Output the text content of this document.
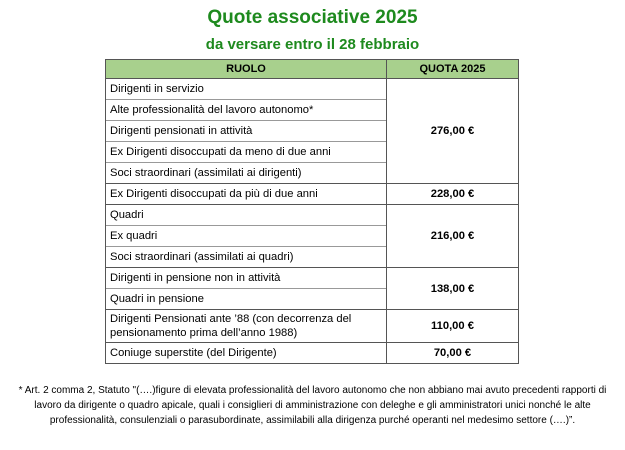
Quote associative 2025
da versare entro il 28 febbraio
RUOLO	QUOTA 2025
Dirigenti in servizio	276,00 €
Alte professionalità del lavoro autonomo*	
Dirigenti pensionati in attività	
Ex Dirigenti disoccupati da meno di due anni	
Soci straordinari (assimilati ai dirigenti)	
Ex Dirigenti disoccupati da più di due anni	228,00 €
Quadri	216,00 €
Ex quadri	
Soci straordinari (assimilati ai quadri)	
Dirigenti in pensione non in attività	138,00 €
Quadri in pensione	
Dirigenti Pensionati ante ’88 (con decorrenza del pensionamento prima dell’anno 1988)	110,00 €
Coniuge superstite (del Dirigente)	70,00 €
* Art. 2 comma 2, Statuto "(….)figure di elevata professionalità del lavoro autonomo che non abbiano mai avuto precedenti rapporti di lavoro da dirigente o quadro apicale, quali i consiglieri di amministrazione con deleghe e gli amministratori unici nonché le alte professionalità, consulenziali o parasubordinate, assimilabili alla dirigenza purché operanti nel medesimo settore (….)”.
